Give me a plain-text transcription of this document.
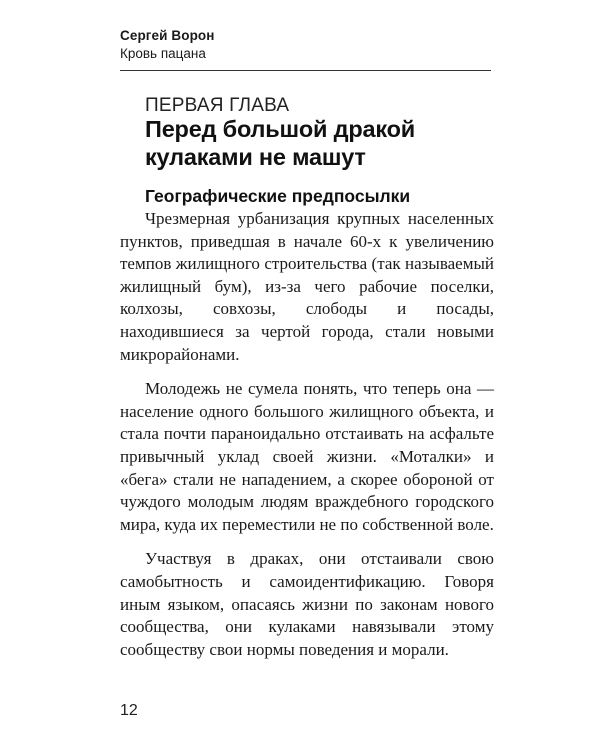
Сергей Ворон
Кровь пацана
ПЕРВАЯ ГЛАВА
Перед большой дракой кулаками не машут
Географические предпосылки

Чрезмерная урбанизация крупных населенных пунктов, приведшая в начале 60-х к увеличению темпов жилищного строительства (так называемый жилищный бум), из-за чего рабочие поселки, колхозы, совхозы, слободы и посады, находившиеся за чертой города, стали новыми микрорайонами.

Молодежь не сумела понять, что теперь она — население одного большого жилищного объекта, и стала почти параноидально отстаивать на асфальте привычный уклад своей жизни. «Моталки» и «бега» стали не нападением, а скорее обороной от чуждого молодым людям враждебного городского мира, куда их переместили не по собственной воле.

Участвуя в драках, они отстаивали свою самобытность и самоидентификацию. Говоря иным языком, опасаясь жизни по законам нового сообщества, они кулаками навязывали этому сообществу свои нормы поведения и морали.

12
